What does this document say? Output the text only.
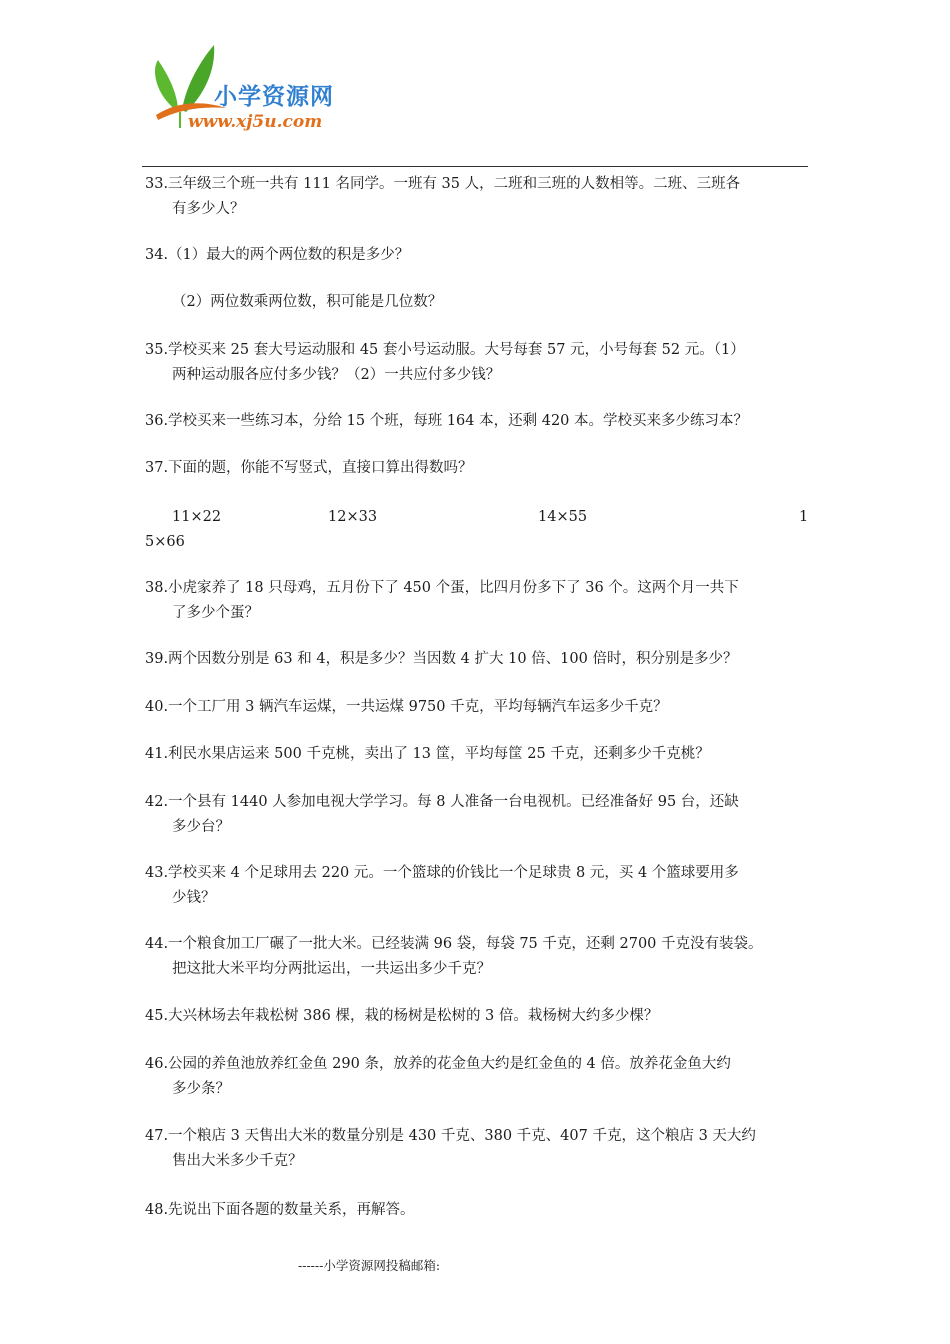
小学资源网
www.xj5u.com
33.三年级三个班一共有 111 名同学。一班有 35 人，二班和三班的人数相等。二班、三班各
有多少人？
34.（1）最大的两个两位数的积是多少？
（2）两位数乘两位数，积可能是几位数？
35.学校买来 25 套大号运动服和 45 套小号运动服。大号每套 57 元，小号每套 52 元。（1）
两种运动服各应付多少钱？（2）一共应付多少钱？
36.学校买来一些练习本，分给 15 个班，每班 164 本，还剩 420 本。学校买来多少练习本？
37.下面的题，你能不写竖式，直接口算出得数吗？
11×22	12×33	14×55	1
5×66
38.小虎家养了 18 只母鸡，五月份下了 450 个蛋，比四月份多下了 36 个。这两个月一共下
了多少个蛋？
39.两个因数分别是 63 和 4，积是多少？当因数 4 扩大 10 倍、100 倍时，积分别是多少？
40.一个工厂用 3 辆汽车运煤，一共运煤 9750 千克，平均每辆汽车运多少千克？
41.利民水果店运来 500 千克桃，卖出了 13 筐，平均每筐 25 千克，还剩多少千克桃？
42.一个县有 1440 人参加电视大学学习。每 8 人准备一台电视机。已经准备好 95 台，还缺
多少台？
43.学校买来 4 个足球用去 220 元。一个篮球的价钱比一个足球贵 8 元，买 4 个篮球要用多
少钱？
44.一个粮食加工厂碾了一批大米。已经装满 96 袋，每袋 75 千克，还剩 2700 千克没有装袋。
把这批大米平均分两批运出，一共运出多少千克？
45.大兴林场去年栽松树 386 棵，栽的杨树是松树的 3 倍。栽杨树大约多少棵？
46.公园的养鱼池放养红金鱼 290 条，放养的花金鱼大约是红金鱼的 4 倍。放养花金鱼大约
多少条？
47.一个粮店 3 天售出大米的数量分别是 430 千克、380 千克、407 千克，这个粮店 3 天大约
售出大米多少千克？
48.先说出下面各题的数量关系，再解答。
------小学资源网投稿邮箱:
